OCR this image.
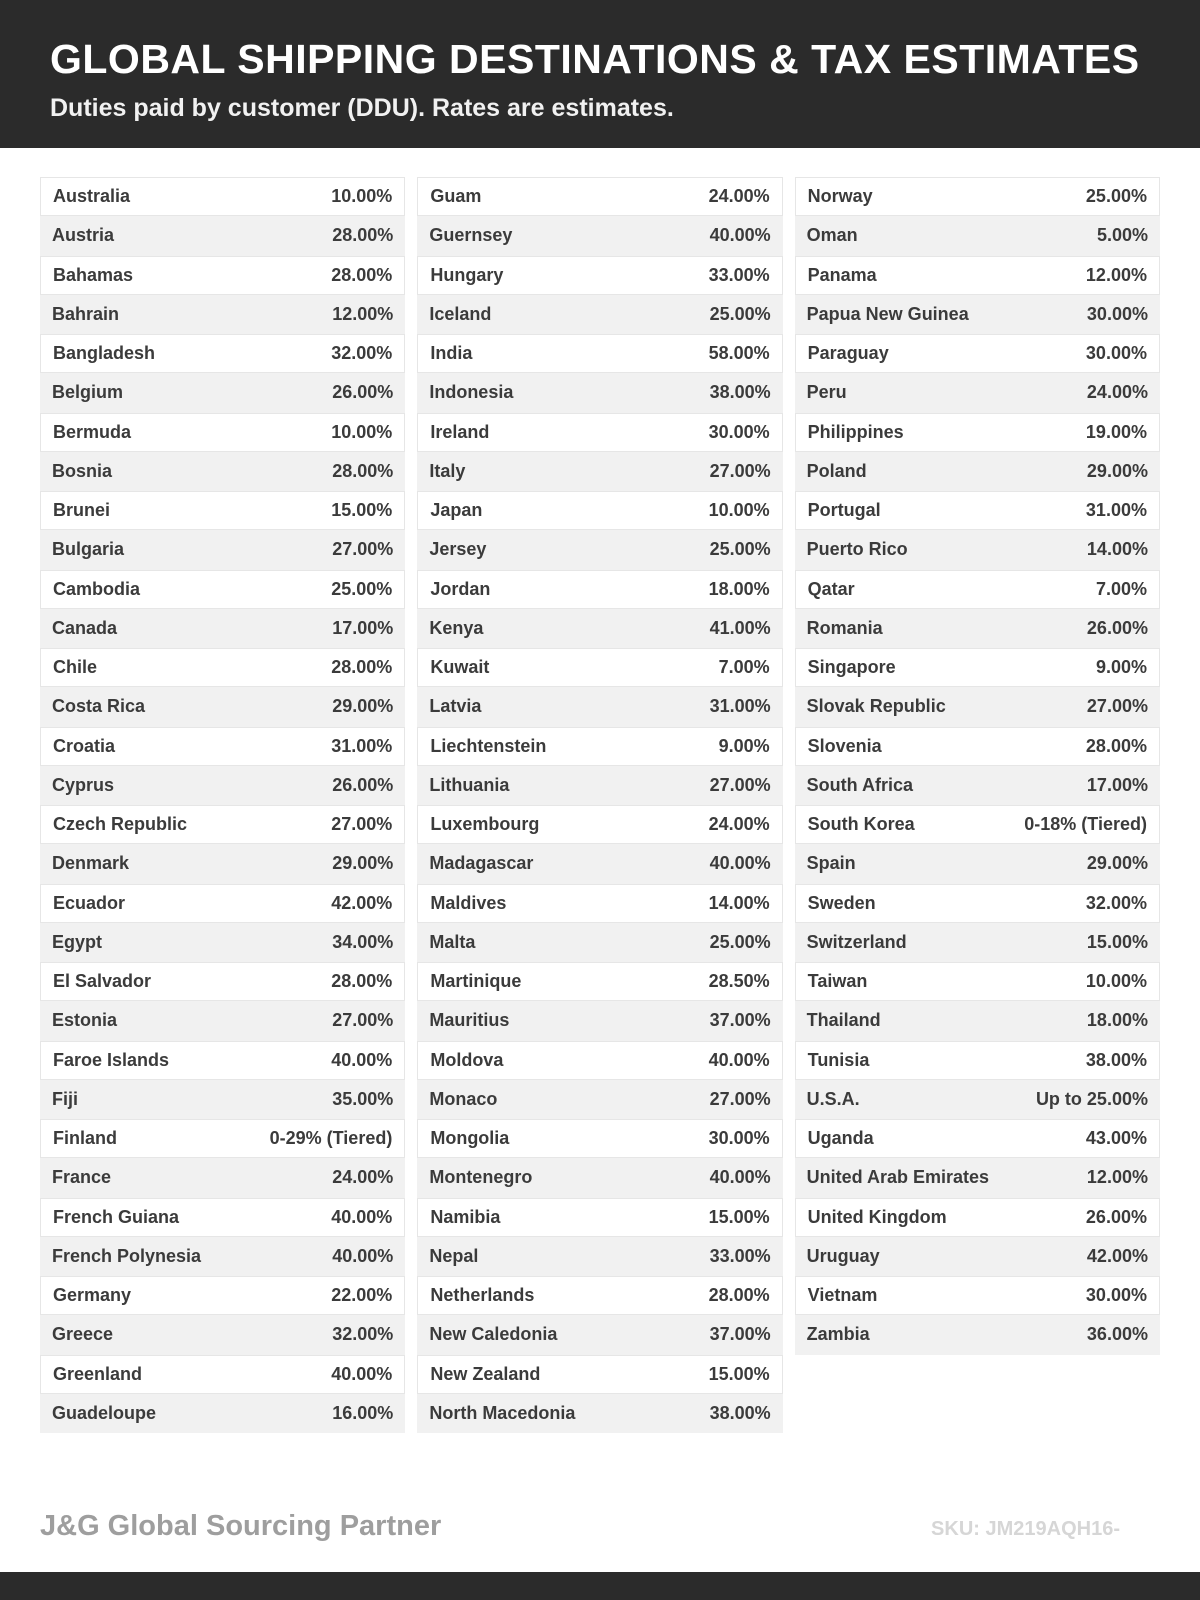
GLOBAL SHIPPING DESTINATIONS & TAX ESTIMATES

Duties paid by customer (DDU). Rates are estimates.

Australia	10.00%
Austria	28.00%
Bahamas	28.00%
Bahrain	12.00%
Bangladesh	32.00%
Belgium	26.00%
Bermuda	10.00%
Bosnia	28.00%
Brunei	15.00%
Bulgaria	27.00%
Cambodia	25.00%
Canada	17.00%
Chile	28.00%
Costa Rica	29.00%
Croatia	31.00%
Cyprus	26.00%
Czech Republic	27.00%
Denmark	29.00%
Ecuador	42.00%
Egypt	34.00%
El Salvador	28.00%
Estonia	27.00%
Faroe Islands	40.00%
Fiji	35.00%
Finland	0-29% (Tiered)
France	24.00%
French Guiana	40.00%
French Polynesia	40.00%
Germany	22.00%
Greece	32.00%
Greenland	40.00%
Guadeloupe	16.00%
Guam	24.00%
Guernsey	40.00%
Hungary	33.00%
Iceland	25.00%
India	58.00%
Indonesia	38.00%
Ireland	30.00%
Italy	27.00%
Japan	10.00%
Jersey	25.00%
Jordan	18.00%
Kenya	41.00%
Kuwait	7.00%
Latvia	31.00%
Liechtenstein	9.00%
Lithuania	27.00%
Luxembourg	24.00%
Madagascar	40.00%
Maldives	14.00%
Malta	25.00%
Martinique	28.50%
Mauritius	37.00%
Moldova	40.00%
Monaco	27.00%
Mongolia	30.00%
Montenegro	40.00%
Namibia	15.00%
Nepal	33.00%
Netherlands	28.00%
New Caledonia	37.00%
New Zealand	15.00%
North Macedonia	38.00%
Norway	25.00%
Oman	5.00%
Panama	12.00%
Papua New Guinea	30.00%
Paraguay	30.00%
Peru	24.00%
Philippines	19.00%
Poland	29.00%
Portugal	31.00%
Puerto Rico	14.00%
Qatar	7.00%
Romania	26.00%
Singapore	9.00%
Slovak Republic	27.00%
Slovenia	28.00%
South Africa	17.00%
South Korea	0-18% (Tiered)
Spain	29.00%
Sweden	32.00%
Switzerland	15.00%
Taiwan	10.00%
Thailand	18.00%
Tunisia	38.00%
U.S.A.	Up to 25.00%
Uganda	43.00%
United Arab Emirates	12.00%
United Kingdom	26.00%
Uruguay	42.00%
Vietnam	30.00%
Zambia	36.00%
J&G Global Sourcing Partner	SKU: JM219AQH16-
